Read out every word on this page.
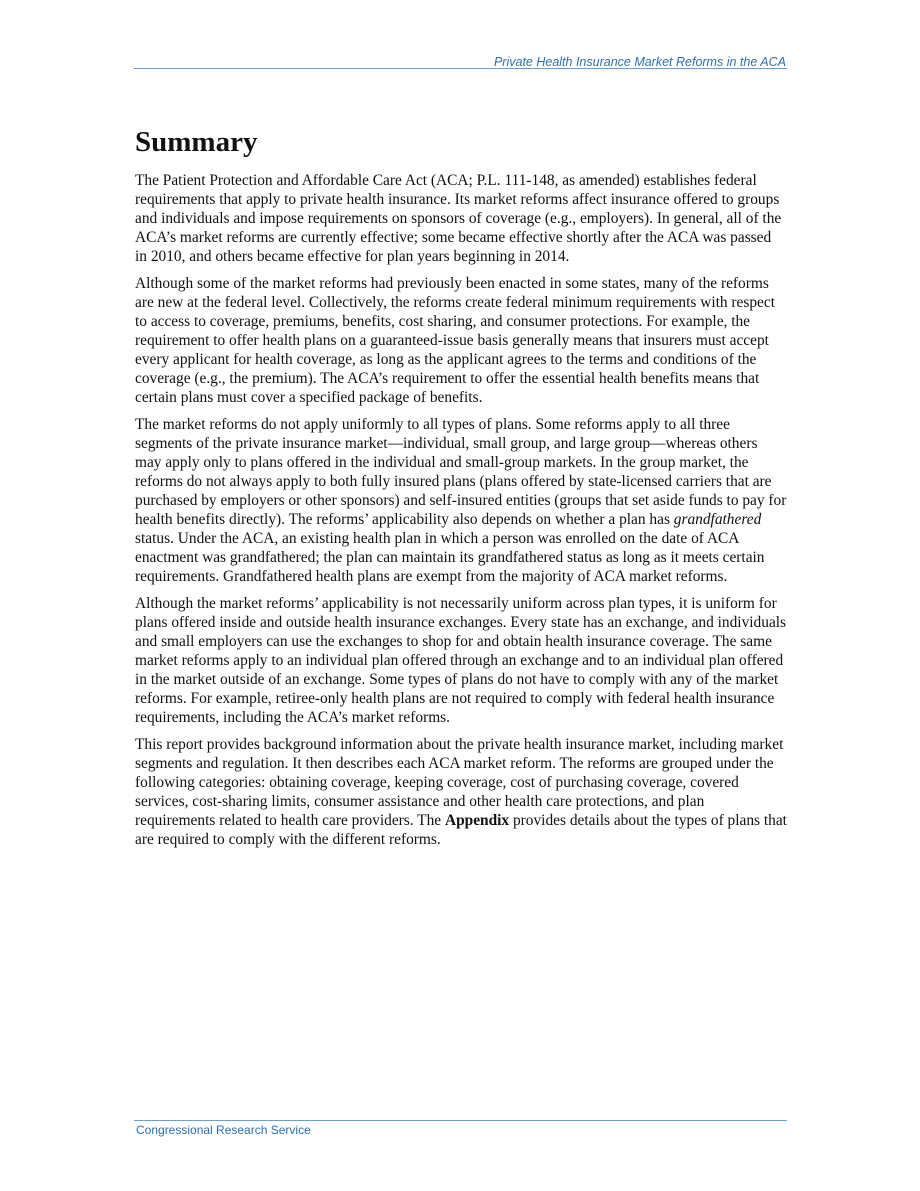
Private Health Insurance Market Reforms in the ACA
Summary

The Patient Protection and Affordable Care Act (ACA; P.L. 111-148, as amended) establishes federal requirements that apply to private health insurance. Its market reforms affect insurance offered to groups and individuals and impose requirements on sponsors of coverage (e.g., employers). In general, all of the ACA’s market reforms are currently effective; some became effective shortly after the ACA was passed in 2010, and others became effective for plan years beginning in 2014.

Although some of the market reforms had previously been enacted in some states, many of the reforms are new at the federal level. Collectively, the reforms create federal minimum requirements with respect to access to coverage, premiums, benefits, cost sharing, and consumer protections. For example, the requirement to offer health plans on a guaranteed-issue basis generally means that insurers must accept every applicant for health coverage, as long as the applicant agrees to the terms and conditions of the coverage (e.g., the premium). The ACA’s requirement to offer the essential health benefits means that certain plans must cover a specified package of benefits.

The market reforms do not apply uniformly to all types of plans. Some reforms apply to all three segments of the private insurance market—individual, small group, and large group—whereas others may apply only to plans offered in the individual and small-group markets. In the group market, the reforms do not always apply to both fully insured plans (plans offered by state-licensed carriers that are purchased by employers or other sponsors) and self-insured entities (groups that set aside funds to pay for health benefits directly). The reforms’ applicability also depends on whether a plan has grandfathered status. Under the ACA, an existing health plan in which a person was enrolled on the date of ACA enactment was grandfathered; the plan can maintain its grandfathered status as long as it meets certain requirements. Grandfathered health plans are exempt from the majority of ACA market reforms.

Although the market reforms’ applicability is not necessarily uniform across plan types, it is uniform for plans offered inside and outside health insurance exchanges. Every state has an exchange, and individuals and small employers can use the exchanges to shop for and obtain health insurance coverage. The same market reforms apply to an individual plan offered through an exchange and to an individual plan offered in the market outside of an exchange. Some types of plans do not have to comply with any of the market reforms. For example, retiree-only health plans are not required to comply with federal health insurance requirements, including the ACA’s market reforms.

This report provides background information about the private health insurance market, including market segments and regulation. It then describes each ACA market reform. The reforms are grouped under the following categories: obtaining coverage, keeping coverage, cost of purchasing coverage, covered services, cost-sharing limits, consumer assistance and other health care protections, and plan requirements related to health care providers. The Appendix provides details about the types of plans that are required to comply with the different reforms.

Congressional Research Service
